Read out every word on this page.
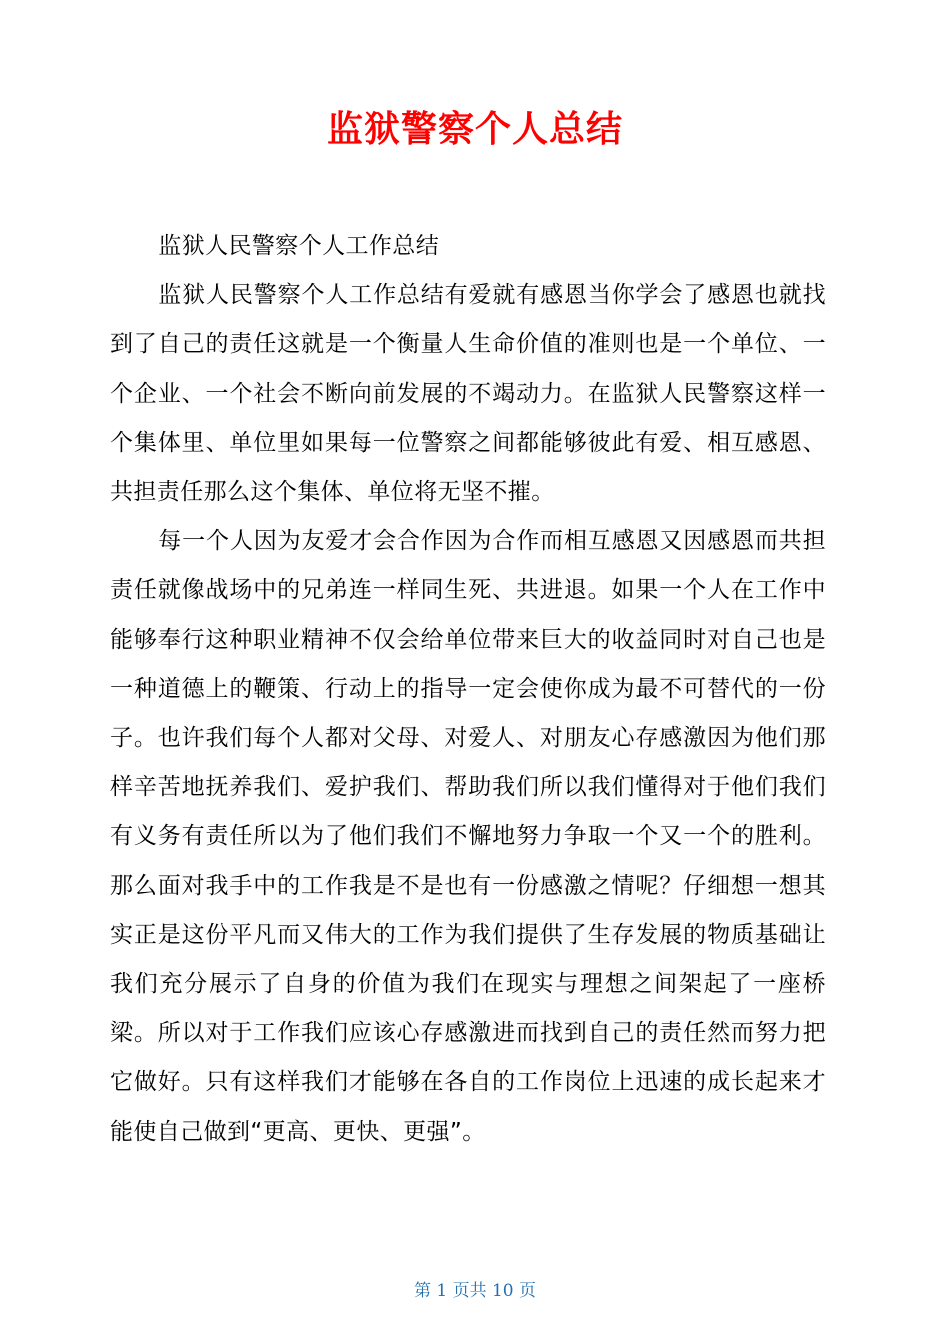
监狱警察个人总结

监狱人民警察个人工作总结

监狱人民警察个人工作总结有爱就有感恩当你学会了感恩也就找到了自己的责任这就是一个衡量人生命价值的准则也是一个单位、一个企业、一个社会不断向前发展的不竭动力。在监狱人民警察这样一个集体里、单位里如果每一位警察之间都能够彼此有爱、相互感恩、共担责任那么这个集体、单位将无坚不摧。

每一个人因为友爱才会合作因为合作而相互感恩又因感恩而共担责任就像战场中的兄弟连一样同生死、共进退。如果一个人在工作中能够奉行这种职业精神不仅会给单位带来巨大的收益同时对自己也是一种道德上的鞭策、行动上的指导一定会使你成为最不可替代的一份子。也许我们每个人都对父母、对爱人、对朋友心存感激因为他们那样辛苦地抚养我们、爱护我们、帮助我们所以我们懂得对于他们我们有义务有责任所以为了他们我们不懈地努力争取一个又一个的胜利。那么面对我手中的工作我是不是也有一份感激之情呢？仔细想一想其实正是这份平凡而又伟大的工作为我们提供了生存发展的物质基础让我们充分展示了自身的价值为我们在现实与理想之间架起了一座桥梁。所以对于工作我们应该心存感激进而找到自己的责任然而努力把它做好。只有这样我们才能够在各自的工作岗位上迅速的成长起来才能使自己做到“更高、更快、更强”。

第 1 页共 10 页
